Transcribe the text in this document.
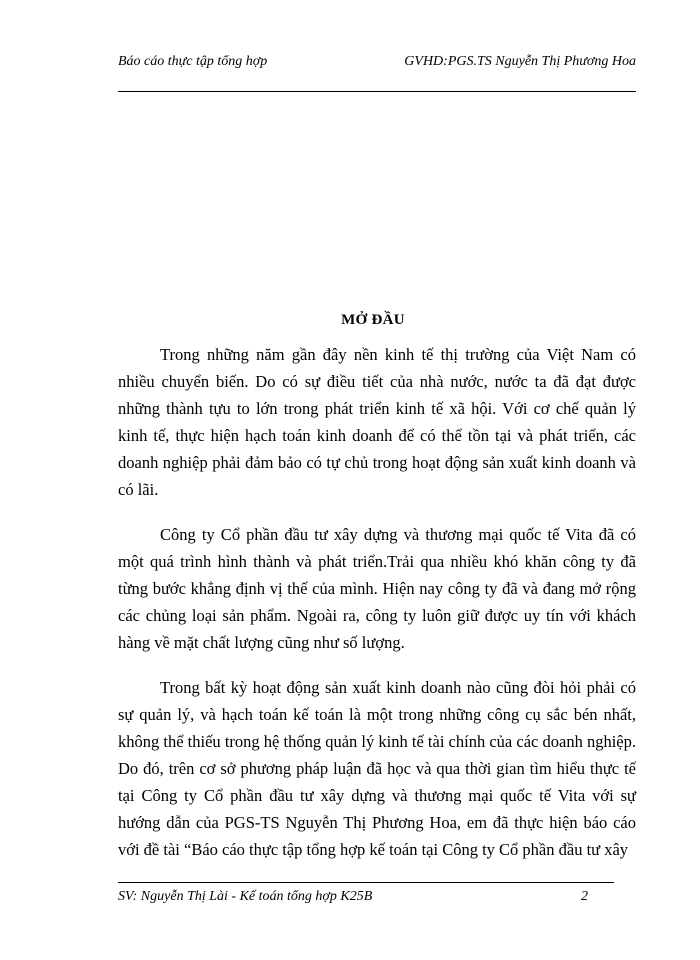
Báo cáo thực tập tổng hợp	GVHD:PGS.TS Nguyễn Thị Phương Hoa
MỞ ĐẦU

Trong những năm gần đây nền kinh tế thị trường của Việt Nam có nhiều chuyển biến. Do có sự điều tiết của nhà nước, nước ta đã đạt được những thành tựu to lớn trong phát triển kinh tế xã hội. Với cơ chế quản lý kinh tế, thực hiện hạch toán kinh doanh để có thể tồn tại và phát triển, các doanh nghiệp phải đảm bảo có tự chủ trong hoạt động sản xuất kinh doanh và có lãi.

Công ty Cổ phần đầu tư xây dựng và thương mại quốc tế Vita đã có một quá trình hình thành và phát triển.Trải qua nhiều khó khăn công ty đã từng bước khẳng định vị thế của mình. Hiện nay công ty đã và đang mở rộng các chủng loại sản phẩm. Ngoài ra, công ty luôn giữ được uy tín với khách hàng về mặt chất lượng cũng như số lượng.

Trong bất kỳ hoạt động sản xuất kinh doanh nào cũng đòi hỏi phải có sự quản lý, và hạch toán kế toán là một trong những công cụ sắc bén nhất, không thể thiếu trong hệ thống quản lý kinh tế tài chính của các doanh nghiệp. Do đó, trên cơ sở phương pháp luận đã học và qua thời gian tìm hiểu thực tế tại Công ty Cổ phần đầu tư xây dựng và thương mại quốc tế Vita với sự hướng dẫn của PGS-TS Nguyễn Thị Phương Hoa, em đã thực hiện báo cáo với đề tài “Báo cáo thực tập tổng hợp kế toán tại Công ty Cổ phần đầu tư xây

SV: Nguyễn Thị Lài - Kế toán tổng hợp K25B	2
